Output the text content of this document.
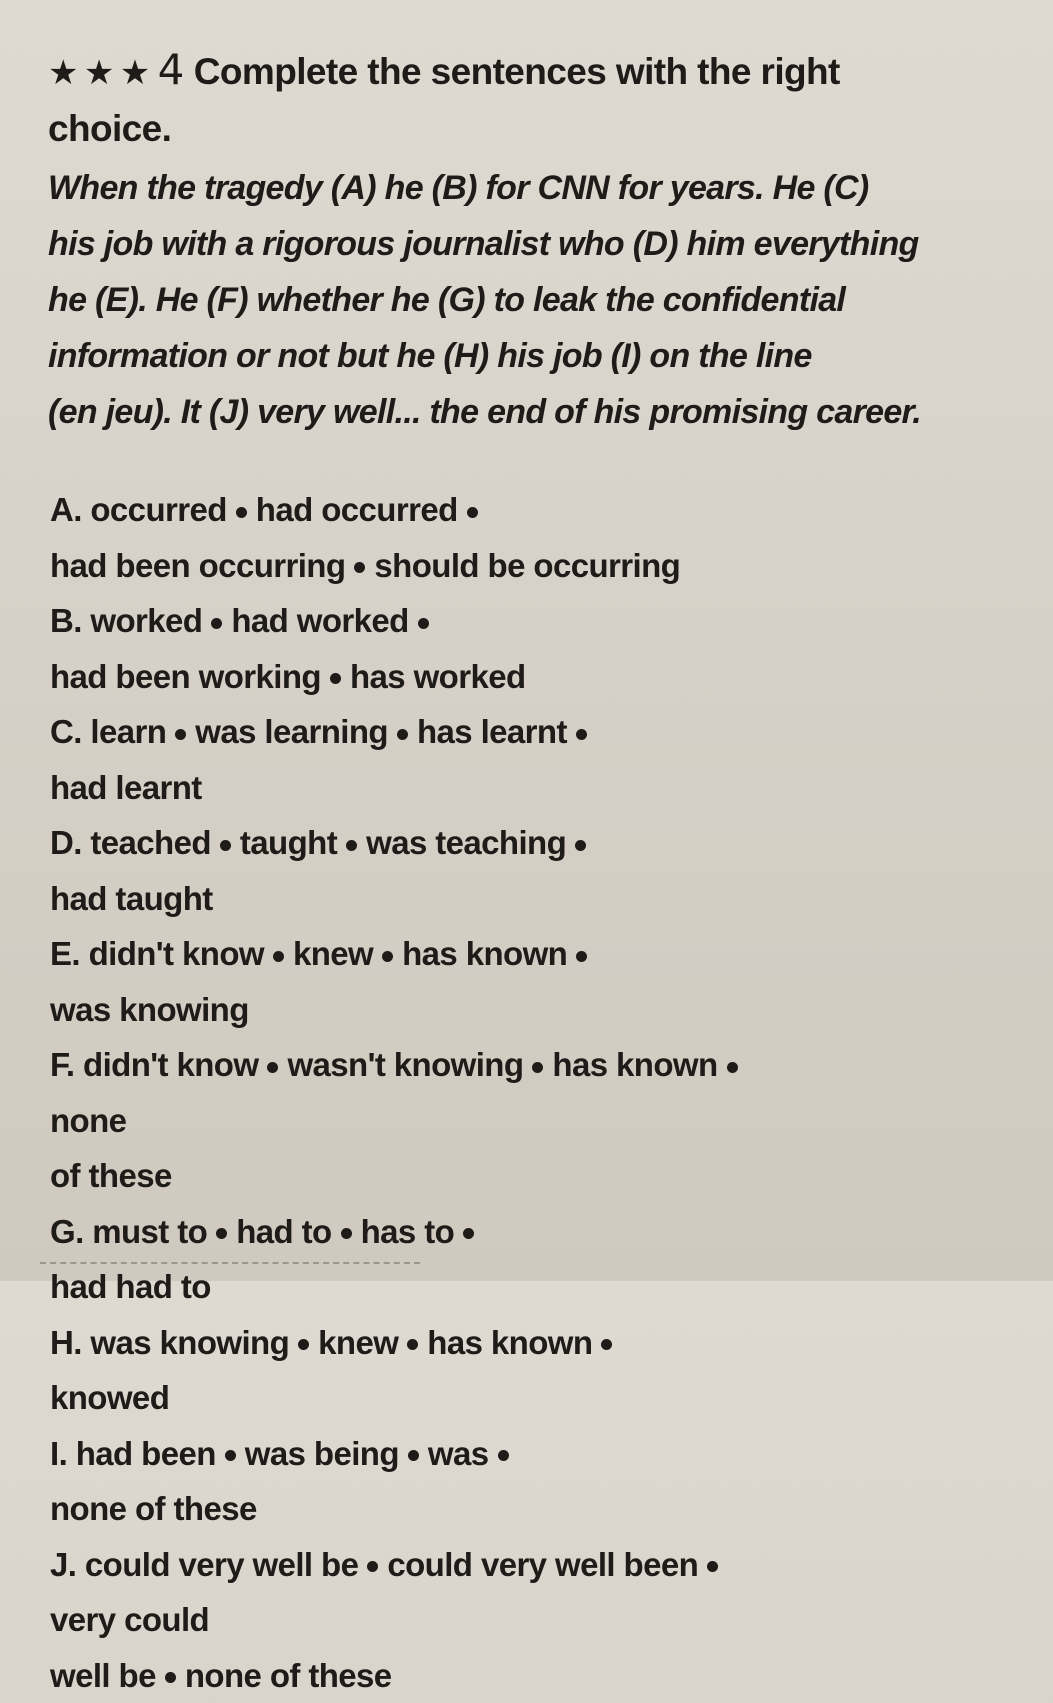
★ ★ ★ 4 Complete the sentences with the right
choice.
When the tragedy (A) he (B) for CNN for years. He (C)
his job with a rigorous journalist who (D) him everything
he (E). He (F) whether he (G) to leak the confidential
information or not but he (H) his job (I) on the line
(en jeu). It (J) very well... the end of his promising career.
A. occurred had occurred
had been occurring should be occurring
B. worked had worked
had been working has worked
C. learn was learning has learnt
had learnt
D. teached taught was teaching
had taught
E. didn't know knew has known
was knowing
F. didn't know wasn't knowing has known
none
of these
G. must to had to has to
had had to
H. was knowing knew has known
knowed
I. had been was being was
none of these
J. could very well be could very well been
very could
well be none of these
